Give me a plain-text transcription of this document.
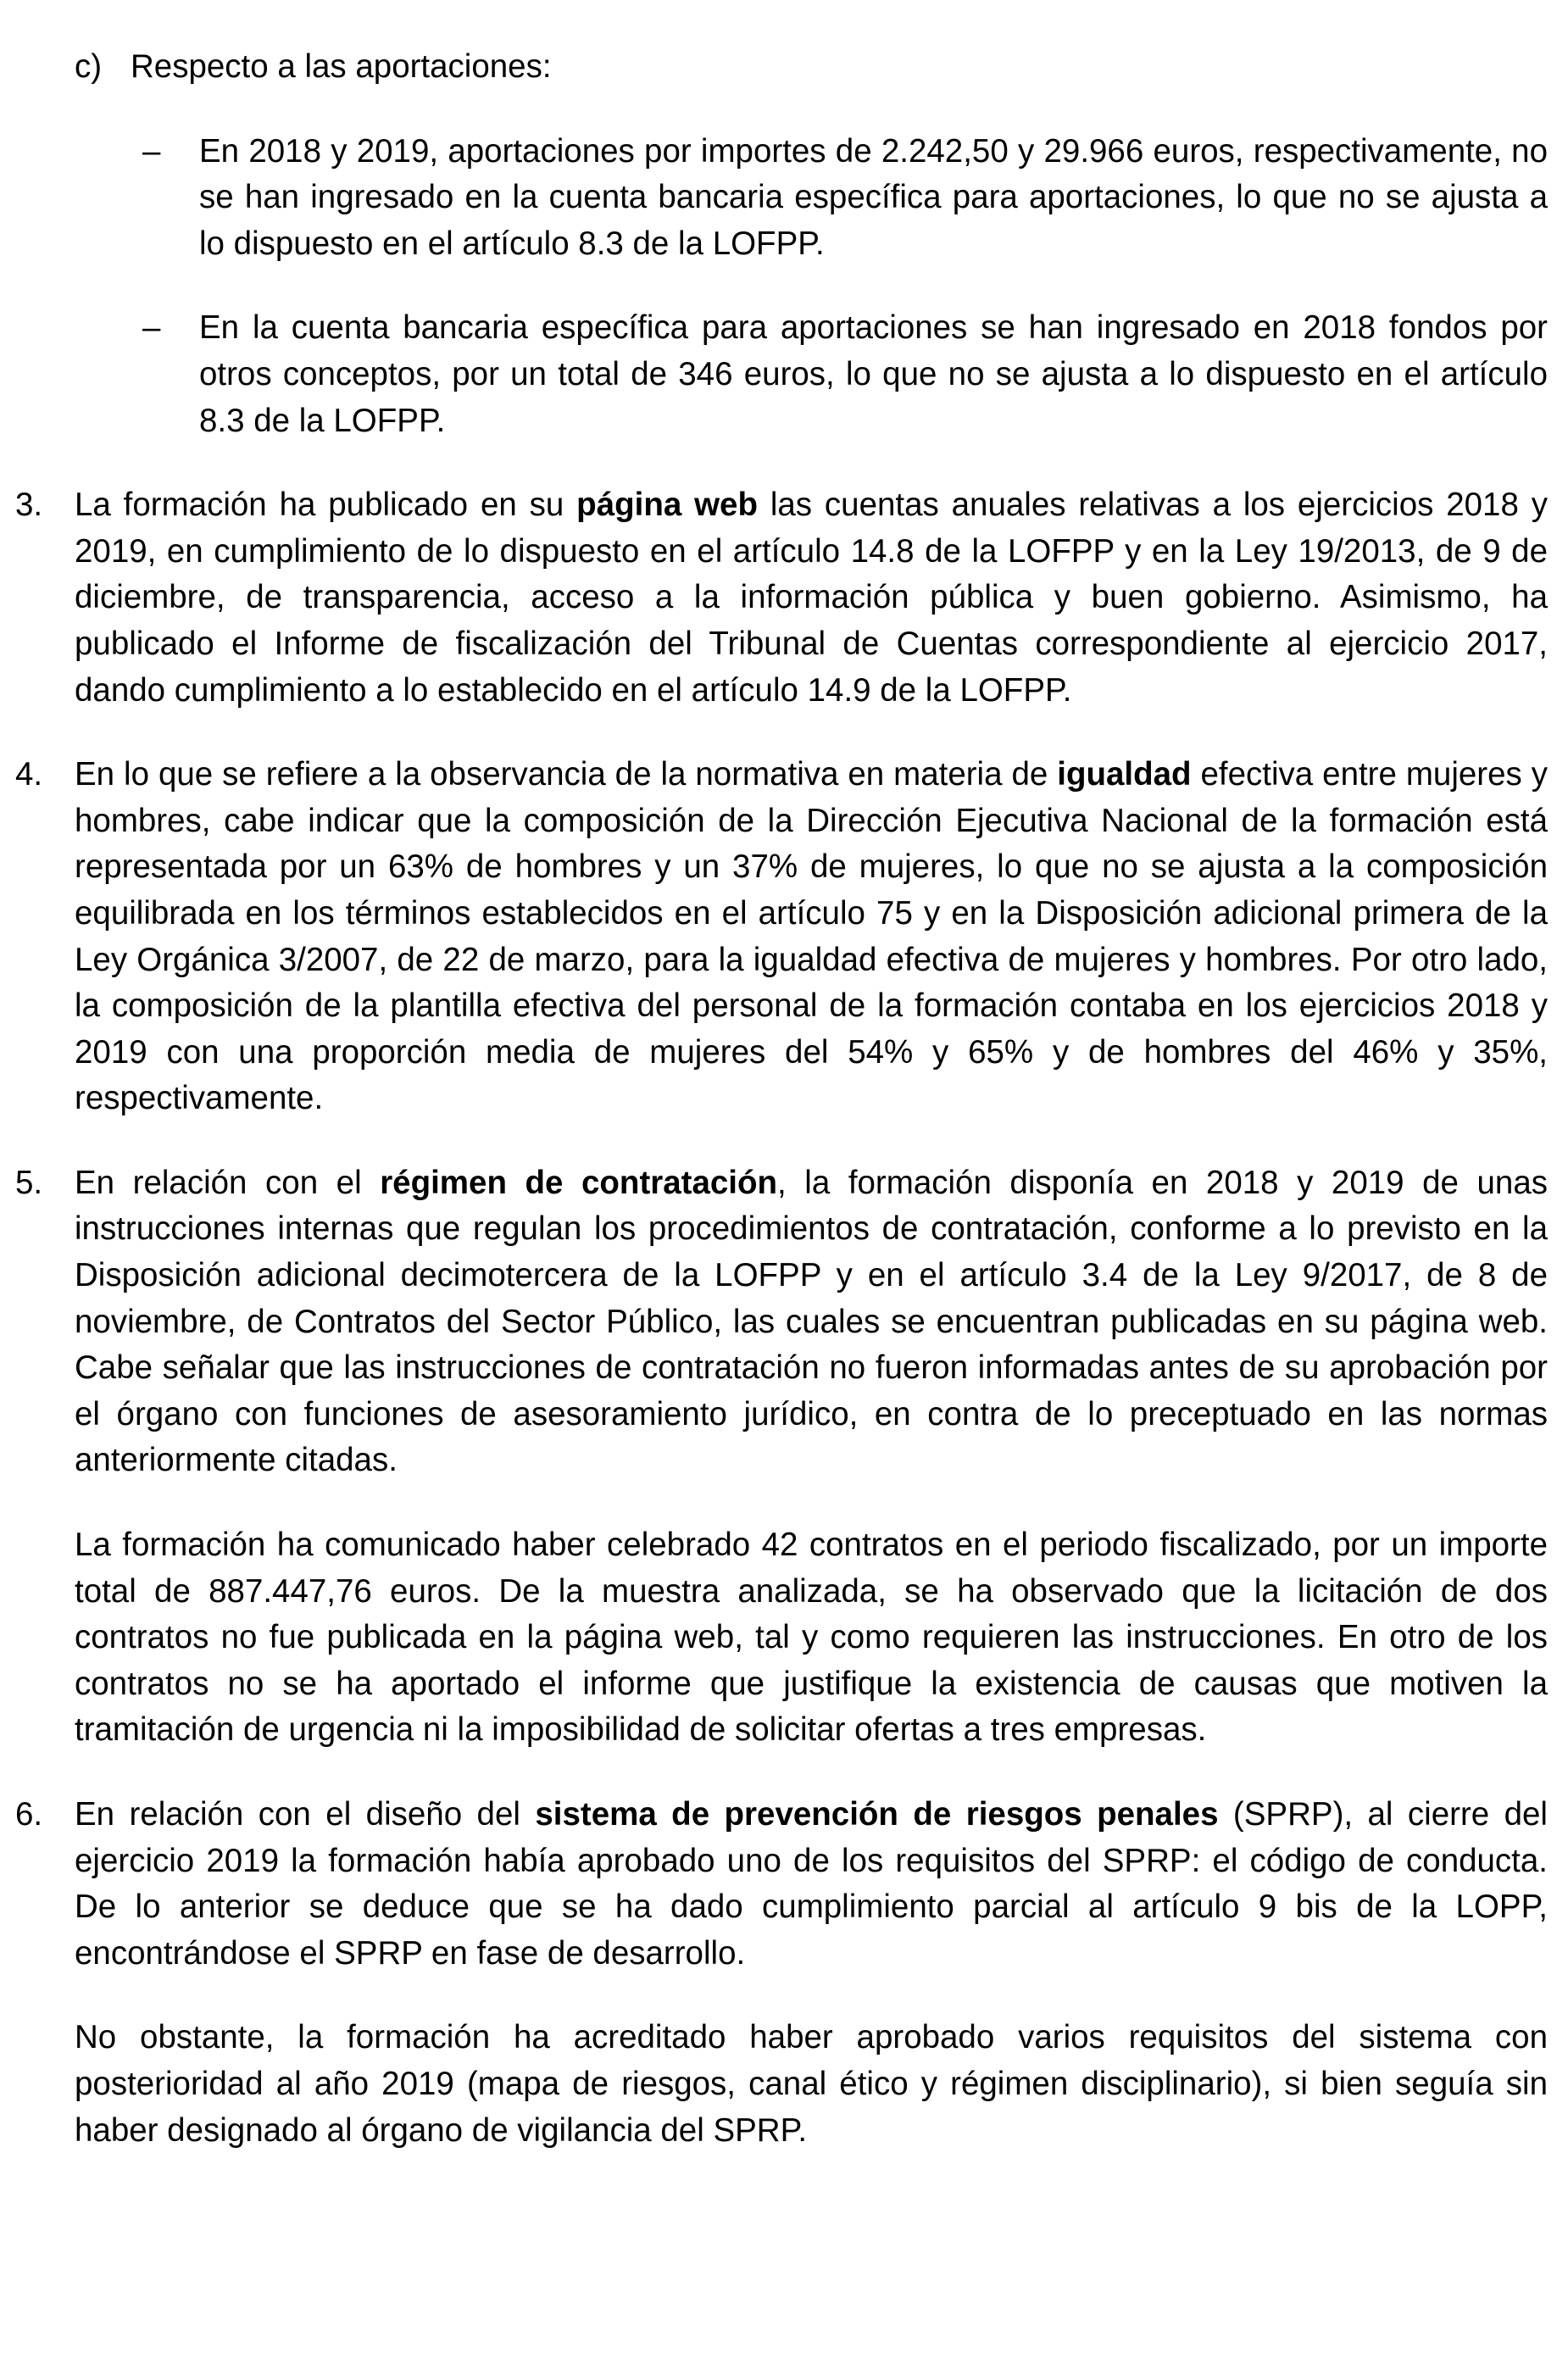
c) Respecto a las aportaciones:
– En 2018 y 2019, aportaciones por importes de 2.242,50 y 29.966 euros, respectivamente, no se han ingresado en la cuenta bancaria específica para aportaciones, lo que no se ajusta a lo dispuesto en el artículo 8.3 de la LOFPP.

– En la cuenta bancaria específica para aportaciones se han ingresado en 2018 fondos por otros conceptos, por un total de 346 euros, lo que no se ajusta a lo dispuesto en el artículo 8.3 de la LOFPP.

3. La formación ha publicado en su página web las cuentas anuales relativas a los ejercicios 2018 y 2019, en cumplimiento de lo dispuesto en el artículo 14.8 de la LOFPP y en la Ley 19/2013, de 9 de diciembre, de transparencia, acceso a la información pública y buen gobierno. Asimismo, ha publicado el Informe de fiscalización del Tribunal de Cuentas correspondiente al ejercicio 2017, dando cumplimiento a lo establecido en el artículo 14.9 de la LOFPP.

4. En lo que se refiere a la observancia de la normativa en materia de igualdad efectiva entre mujeres y hombres, cabe indicar que la composición de la Dirección Ejecutiva Nacional de la formación está representada por un 63% de hombres y un 37% de mujeres, lo que no se ajusta a la composición equilibrada en los términos establecidos en el artículo 75 y en la Disposición adicional primera de la Ley Orgánica 3/2007, de 22 de marzo, para la igualdad efectiva de mujeres y hombres. Por otro lado, la composición de la plantilla efectiva del personal de la formación contaba en los ejercicios 2018 y 2019 con una proporción media de mujeres del 54% y 65% y de hombres del 46% y 35%, respectivamente.

5. En relación con el régimen de contratación, la formación disponía en 2018 y 2019 de unas instrucciones internas que regulan los procedimientos de contratación, conforme a lo previsto en la Disposición adicional decimotercera de la LOFPP y en el artículo 3.4 de la Ley 9/2017, de 8 de noviembre, de Contratos del Sector Público, las cuales se encuentran publicadas en su página web. Cabe señalar que las instrucciones de contratación no fueron informadas antes de su aprobación por el órgano con funciones de asesoramiento jurídico, en contra de lo preceptuado en las normas anteriormente citadas.

La formación ha comunicado haber celebrado 42 contratos en el periodo fiscalizado, por un importe total de 887.447,76 euros. De la muestra analizada, se ha observado que la licitación de dos contratos no fue publicada en la página web, tal y como requieren las instrucciones. En otro de los contratos no se ha aportado el informe que justifique la existencia de causas que motiven la tramitación de urgencia ni la imposibilidad de solicitar ofertas a tres empresas.

6. En relación con el diseño del sistema de prevención de riesgos penales (SPRP), al cierre del ejercicio 2019 la formación había aprobado uno de los requisitos del SPRP: el código de conducta. De lo anterior se deduce que se ha dado cumplimiento parcial al artículo 9 bis de la LOPP, encontrándose el SPRP en fase de desarrollo.

No obstante, la formación ha acreditado haber aprobado varios requisitos del sistema con posterioridad al año 2019 (mapa de riesgos, canal ético y régimen disciplinario), si bien seguía sin haber designado al órgano de vigilancia del SPRP.
